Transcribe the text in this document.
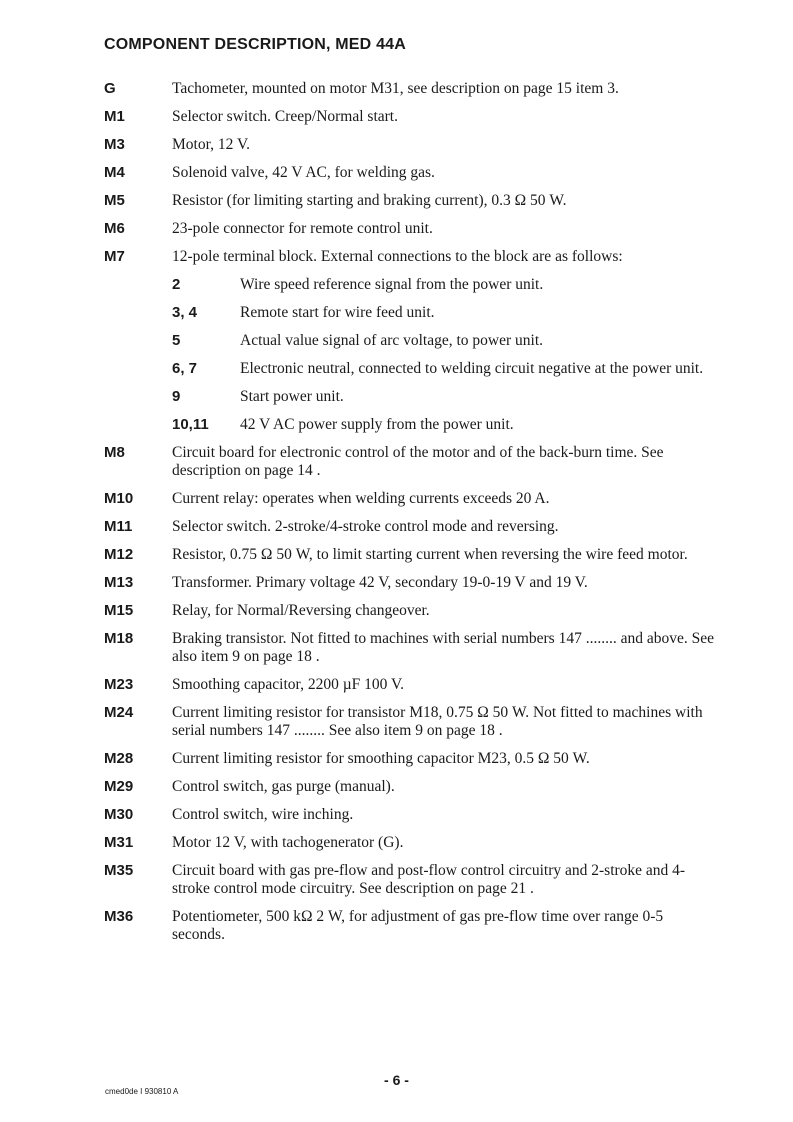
COMPONENT DESCRIPTION, MED 44A
G	Tachometer, mounted on motor M31, see description on page 15 item 3.
M1	Selector switch. Creep/Normal start.
M3	Motor, 12 V.
M4	Solenoid valve, 42 V AC, for welding gas.
M5	Resistor (for limiting starting and braking current), 0.3 Ω 50 W.
M6	23-pole connector for remote control unit.
M7	12-pole terminal block. External connections to the block are as follows:
2	Wire speed reference signal from the power unit.
3, 4	Remote start for wire feed unit.
5	Actual value signal of arc voltage, to power unit.
6, 7	Electronic neutral, connected to welding circuit negative at the power unit.
9	Start power unit.
10,11	42 V AC power supply from the power unit.
M8	Circuit board for electronic control of the motor and of the back-burn time. See description on page 14 .
M10	Current relay: operates when welding currents exceeds 20 A.
M11	Selector switch. 2-stroke/4-stroke control mode and reversing.
M12	Resistor, 0.75 Ω 50 W, to limit starting current when reversing the wire feed motor.
M13	Transformer. Primary voltage 42 V, secondary 19-0-19 V and 19 V.
M15	Relay, for Normal/Reversing changeover.
M18	Braking transistor. Not fitted to machines with serial numbers 147 ........ and above. See also item 9 on page 18 .
M23	Smoothing capacitor, 2200 µF 100 V.
M24	Current limiting resistor for transistor M18, 0.75 Ω 50 W. Not fitted to machines with serial numbers 147 ........ See also item 9 on page 18 .
M28	Current limiting resistor for smoothing capacitor M23, 0.5 Ω 50 W.
M29	Control switch, gas purge (manual).
M30	Control switch, wire inching.
M31	Motor 12 V, with tachogenerator (G).
M35	Circuit board with gas pre-flow and post-flow control circuitry and 2-stroke and 4-stroke control mode circuitry. See description on page 21 .
M36	Potentiometer, 500 kΩ 2 W, for adjustment of gas pre-flow time over range 0-5 seconds.
- 6 -
cmed0de I 930810 A
